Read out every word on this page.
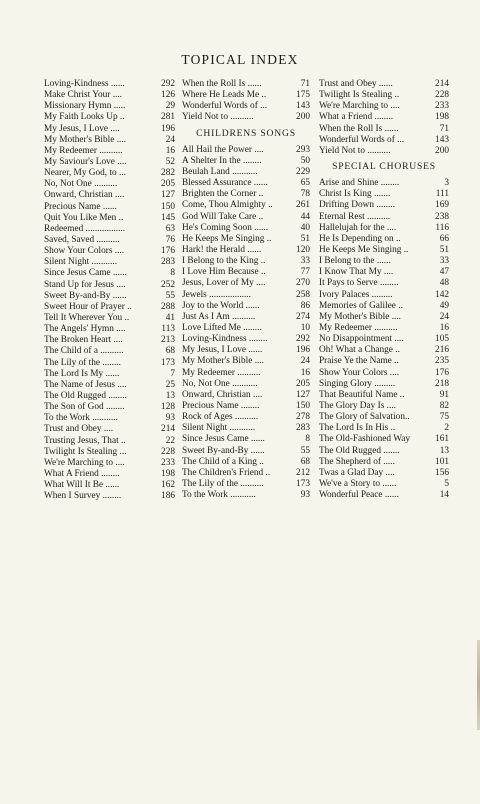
TOPICAL INDEX
Loving-Kindness ......	292
Make Christ Your ....	126
Missionary Hymn .....	29
My Faith Looks Up ..	281
My Jesus, I Love ....	196
My Mother's Bible ....	24
My Redeemer ..........	16
My Saviour's Love ....	52
Nearer, My God, to ...	282
No, Not One ..........	205
Onward, Christian ....	127
Precious Name ......	150
Quit You Like Men ..	145
Redeemed .................	63
Saved, Saved ..........	76
Show Your Colors ....	176
Silent Night ...........	283
Since Jesus Came ......	8
Stand Up for Jesus ....	252
Sweet By-and-By ......	55
Sweet Hour of Prayer ..	288
Tell It Wherever You ..	41
The Angels' Hymn ....	113
The Broken Heart ....	213
The Child of a ..........	68
The Lily of the ........	173
The Lord Is My ......	7
The Name of Jesus ....	25
The Old Rugged ........	13
The Son of God ........	128
To the Work ...........	93
Trust and Obey ....	214
Trusting Jesus, That ..	22
Twilight Is Stealing ...	228
We're Marching to ....	233
What A Friend ........	198
What Will It Be ......	162
When I Survey ........	186
When the Roll Is ......	71
Where He Leads Me ..	175
Wonderful Words of ...	143
Yield Not to ..........	200
CHILDRENS SONGS
All Hail the Power ....	293
A Shelter In the ........	50
Beulah Land ...........	229
Blessed Assurance ......	65
Brighten the Corner ..	78
Come, Thou Almighty ..	261
God Will Take Care ..	44
He's Coming Soon ......	40
He Keeps Me Singing ..	51
Hark! the Herald ......	120
I Belong to the King ..	33
I Love Him Because ..	77
Jesus, Lover of My ....	270
Jewels ..................	258
Joy to the World ......	86
Just As I Am ..........	274
Love Lifted Me ........	10
Loving-Kindness ........	292
My Jesus, I Love ......	196
My Mother's Bible ....	24
My Redeemer ..........	16
No, Not One ...........	205
Onward, Christian ....	127
Precious Name ........	150
Rock of Ages ..........	278
Silent Night ...........	283
Since Jesus Came ......	8
Sweet By-and-By ......	55
The Child of a King ..	68
The Children's Friend ..	212
The Lily of the ..........	173
To the Work ...........	93
Trust and Obey ......	214
Twilight Is Stealing ..	228
We're Marching to ....	233
What a Friend ........	198
When the Roll Is ......	71
Wonderful Words of ...	143
Yield Not to ..........	200
SPECIAL CHORUSES
Arise and Shine ........	3
Christ Is King .......	111
Drifting Down ........	169
Eternal Rest ..........	238
Hallelujah for the ....	116
He Is Depending on ..	66
He Keeps Me Singing ..	51
I Belong to the ......	33
I Know That My ....	47
It Pays to Serve ........	48
Ivory Palaces .........	142
Memories of Galilee ..	49
My Mother's Bible ....	24
My Redeemer ..........	16
No Disappointment ....	105
Oh! What a Change ..	216
Praise Ye the Name ..	235
Show Your Colors ....	176
Singing Glory .........	218
That Beautiful Name ..	91
The Glory Day Is ....	82
The Glory of Salvation..	75
The Lord Is In His ..	2
The Old-Fashioned Way	161
The Old Rugged .......	13
The Shepherd of .....	101
Twas a Glad Day ....	156
We've a Story to ......	5
Wonderful Peace ......	14
